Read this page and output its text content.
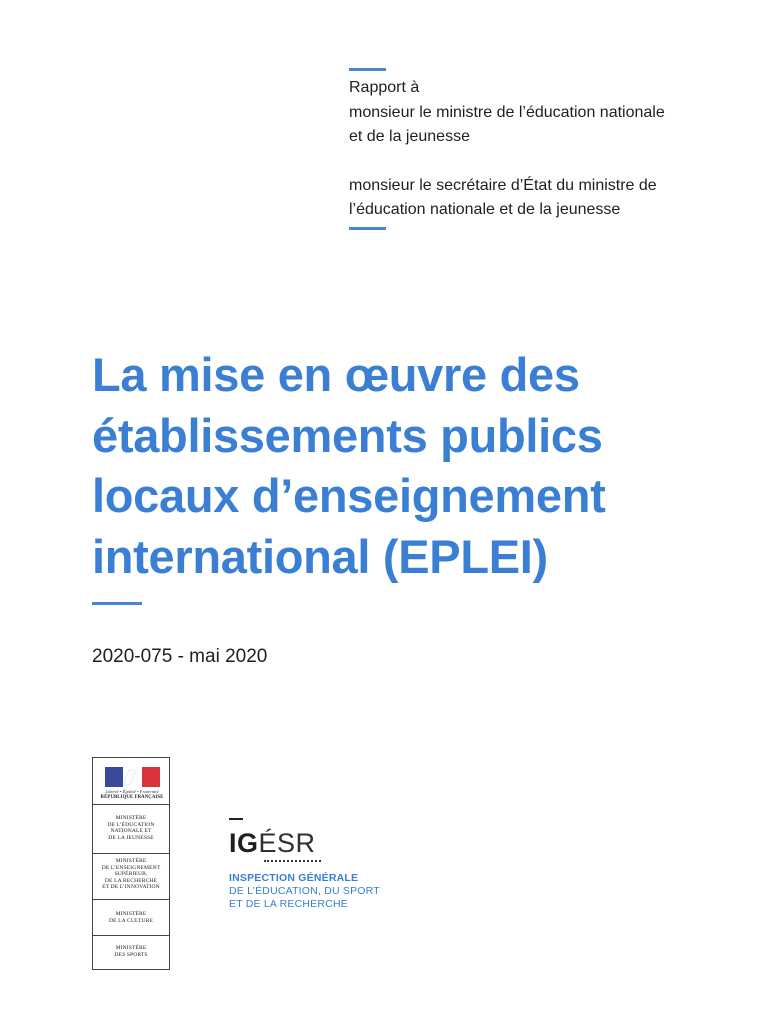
Rapport à

monsieur le ministre de l’éducation nationale

et de la jeunesse

monsieur le secrétaire d’État du ministre de

l’éducation nationale et de la jeunesse

La mise en œuvre des
établissements publics
locaux d’enseignement
international (EPLEI)
2020-075 - mai 2020
Liberté • Égalité • Fraternité
RÉPUBLIQUE FRANÇAISE
MINISTÈRE
DE L’ÉDUCATION
NATIONALE ET
DE LA JEUNESSE
MINISTÈRE
DE L’ENSEIGNEMENT
SUPÉRIEUR,
DE LA RECHERCHE
ET DE L’INNOVATION
MINISTÈRE
DE LA CULTURE
MINISTÈRE
DES SPORTS
IGÉSR
INSPECTION GÉNÉRALE
DE L’ÉDUCATION, DU SPORT
ET DE LA RECHERCHE
